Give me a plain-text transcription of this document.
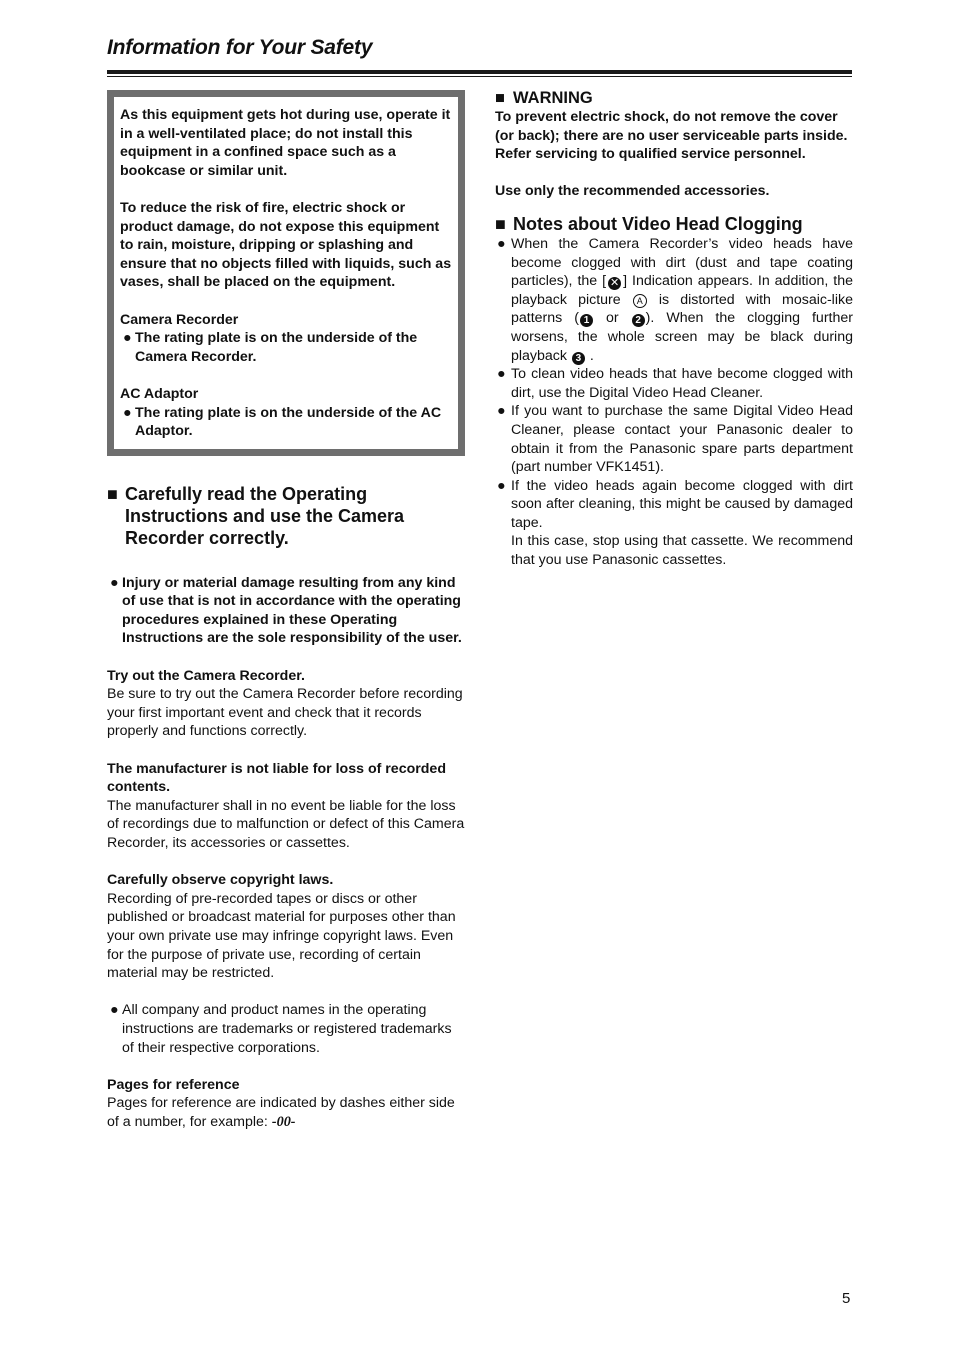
Information for Your Safety

As this equipment gets hot during use, operate it in a well-ventilated place; do not install this equipment in a confined space such as a bookcase or similar unit.

To reduce the risk of fire, electric shock or product damage, do not expose this equipment to rain, moisture, dripping or splashing and ensure that no objects filled with liquids, such as vases, shall be placed on the equipment.

Camera Recorder

● The rating plate is on the underside of the Camera Recorder.

AC Adaptor

● The rating plate is on the underside of the AC Adaptor.
■ Carefully read the Operating Instructions and use the Camera Recorder correctly.
● Injury or material damage resulting from any kind of use that is not in accordance with the operating procedures explained in these Operating Instructions are the sole responsibility of the user.

Try out the Camera Recorder.

Be sure to try out the Camera Recorder before recording your first important event and check that it records properly and functions correctly.

The manufacturer is not liable for loss of recorded contents.

The manufacturer shall in no event be liable for the loss of recordings due to malfunction or defect of this Camera Recorder, its accessories or cassettes.

Carefully observe copyright laws.

Recording of pre-recorded tapes or discs or other published or broadcast material for purposes other than your own private use may infringe copyright laws. Even for the purpose of private use, recording of certain material may be restricted.

● All company and product names in the operating instructions are trademarks or registered trademarks of their respective corporations.

Pages for reference

Pages for reference are indicated by dashes either side of a number, for example: -00-

■ WARNING

To prevent electric shock, do not remove the cover (or back); there are no user serviceable parts inside.

Refer servicing to qualified service personnel.

Use only the recommended accessories.

■ Notes about Video Head Clogging
● When the Camera Recorder’s video heads have become clogged with dirt (dust and tape coating particles), the [ ✕ ] Indication appears. In addition, the playback picture A is distorted with mosaic-like patterns ( 1 or 2 ). When the clogging further worsens, the whole screen may be black during playback 3 .
● To clean video heads that have become clogged with dirt, use the Digital Video Head Cleaner.
● If you want to purchase the same Digital Video Head Cleaner, please contact your Panasonic dealer to obtain it from the Panasonic spare parts department (part number VFK1451).
● If the video heads again become clogged with dirt soon after cleaning, this might be caused by damaged tape.
In this case, stop using that cassette. We recommend that you use Panasonic cassettes.
5
